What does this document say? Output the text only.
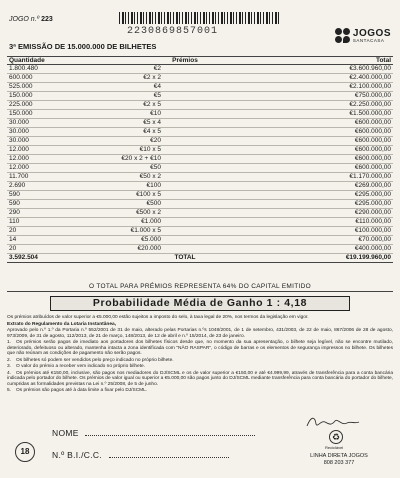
JOGO n.º 223
2230869857001
3ª EMISSÃO DE 15.000.000 DE BILHETES
JOGOS
SANTACASA
Quantidade	Prémios	Total
1.800.480	€2	€3.600.960,00
600.000	€2 x 2	€2.400.000,00
525.000	€4	€2.100.000,00
150.000	€5	€750.000,00
225.000	€2 x 5	€2.250.000,00
150.000	€10	€1.500.000,00
30.000	€5 x 4	€600.000,00
30.000	€4 x 5	€600.000,00
30.000	€20	€600.000,00
12.000	€10 x 5	€600.000,00
12.000	€20 x 2 + €10	€600.000,00
12.000	€50	€600.000,00
11.700	€50 x 2	€1.170.000,00
2.690	€100	€269.000,00
590	€100 x 5	€295.000,00
590	€500	€295.000,00
290	€500 x 2	€290.000,00
110	€1.000	€110.000,00
20	€1.000 x 5	€100.000,00
14	€5.000	€70.000,00
20	€20.000	€400.000,00
3.592.504	TOTAL	€19.199.960,00
O TOTAL PARA PRÉMIOS REPRESENTA 64% DO CAPITAL EMITIDO
Probabilidade Média de Ganho 1 : 4,18

Os prémios atribuídos de valor superior a €5.000,00 estão sujeitos a imposto do selo, à taxa legal de 20%, nos termos da legislação em vigor.

Extrato do Regulamento da Lotaria Instantânea,

Aprovado pelo n.º 1.º da Portaria n.º 552/2001 de 31 de maio, alterado pelas Portarias n.ºs 1048/2001, de 1 de setembro, 431/2003, de 22 de maio, 867/2006 de 28 de agosto, 973/2009, de 31 de agosto, 112/2013, de 21 de março, 148/2013, de 12 de abril e n.º 15/2014, de 23 de janeiro.

1. Os prémios serão pagos de imediato aos portadores dos bilhetes físicos desde que, no momento da sua apresentação, o bilhete seja legível, não se encontre mutilado, deteriorado, defeituoso ou alterado, mantenha intacta a zona identificada com "NÃO RASPAR", o código de barras e os elementos de segurança impressos no bilhete. Os bilhetes que não reúnam as condições de pagamento não serão pagos.

2. Os bilhetes só podem ser vendidos pelo preço indicado no próprio bilhete.

3. O valor do prémio a receber vem indicado no próprio bilhete.

4. Os prémios até €150,00, inclusive, são pagos nos mediadores do DJ/SCML e os de valor superior a €150,00 e até €4.999,99, através de transferência para a conta bancária indicada pelo portador do bilhete. Os prémios de valor igual ou superior a €5.000,00 são pagos junto do DJ/SCML mediante transferência para conta bancária do portador do bilhete, cumpridas as formalidades previstas na Lei n.º 25/2008, de 5 de junho.

5. Os prémios são pagos até à data limite a fixar pelo DJ/SCML.

18
NOME
N.º B.I./C.C.
♻
Reciclável
LINHA DIRETA JOGOS
808 203 377
